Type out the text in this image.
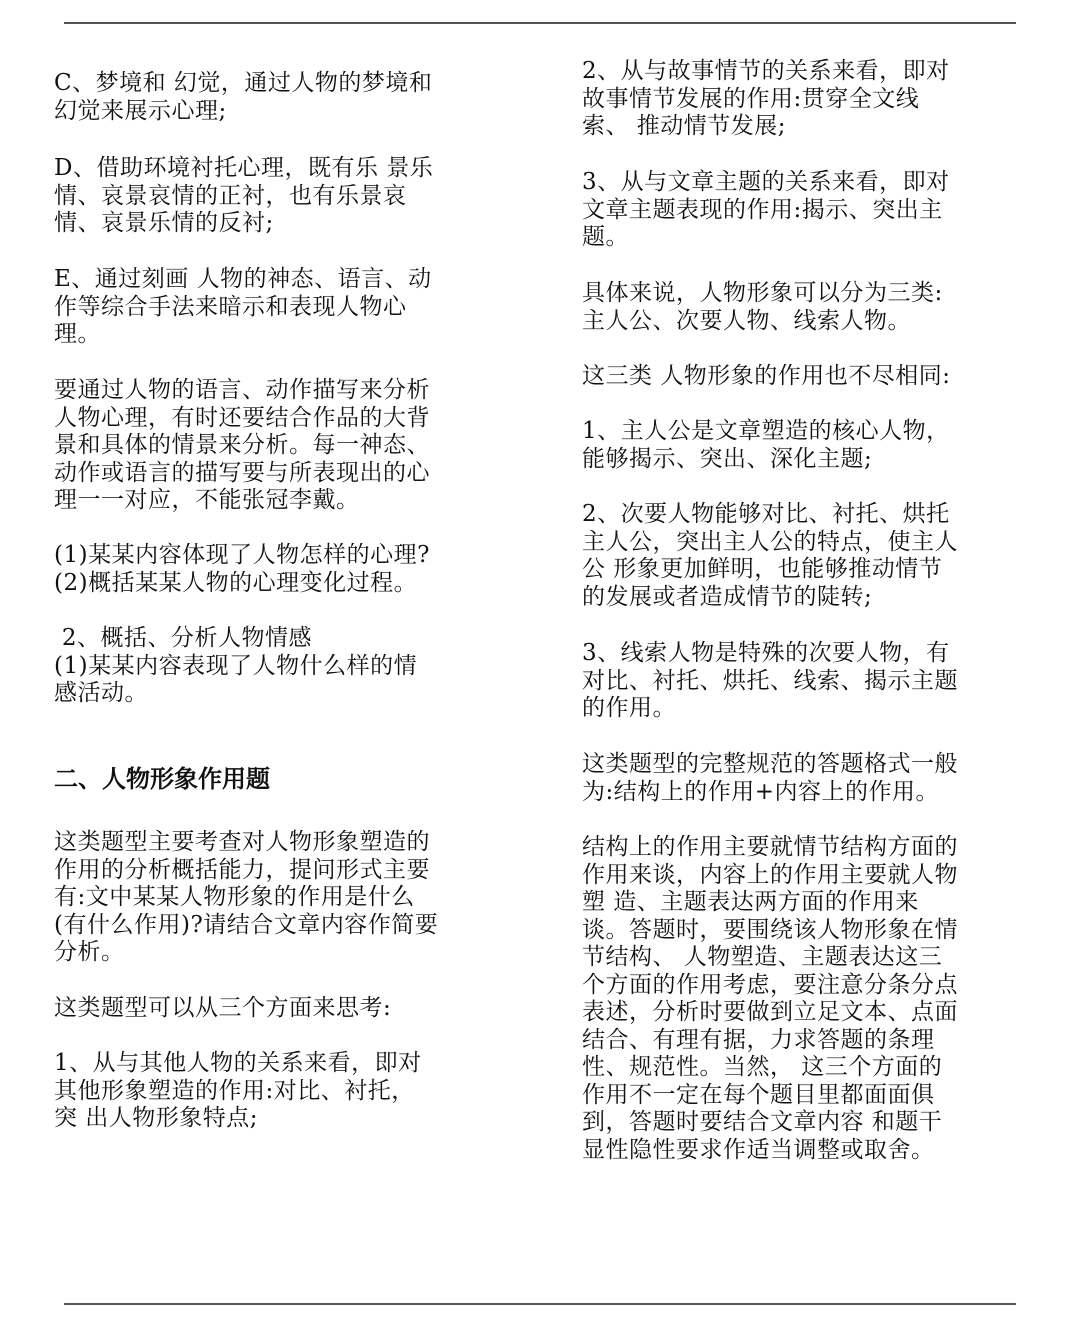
C、梦境和 幻觉，通过人物的梦境和
幻觉来展示心理;

D、借助环境衬托心理，既有乐 景乐
情、哀景哀情的正衬，也有乐景哀
情、哀景乐情的反衬;

E、通过刻画 人物的神态、语言、动
作等综合手法来暗示和表现人物心
理。

要通过人物的语言、动作描写来分析
人物心理，有时还要结合作品的大背
景和具体的情景来分析。每一神态、
动作或语言的描写要与所表现出的心
理一一对应，不能张冠李戴。

(1)某某内容体现了人物怎样的心理?
(2)概括某某人物的心理变化过程。

2、概括、分析人物情感
(1)某某内容表现了人物什么样的情
感活动。

二、人物形象作用题

这类题型主要考查对人物形象塑造的
作用的分析概括能力，提问形式主要
有:文中某某人物形象的作用是什么
(有什么作用)?请结合文章内容作简要
分析。

这类题型可以从三个方面来思考:

1、从与其他人物的关系来看，即对
其他形象塑造的作用:对比、衬托，
突 出人物形象特点;

2、从与故事情节的关系来看，即对
故事情节发展的作用:贯穿全文线
索、 推动情节发展;

3、从与文章主题的关系来看，即对
文章主题表现的作用:揭示、突出主
题。

具体来说，人物形象可以分为三类:
主人公、次要人物、线索人物。

这三类 人物形象的作用也不尽相同:

1、主人公是文章塑造的核心人物，
能够揭示、突出、深化主题;

2、次要人物能够对比、衬托、烘托
主人公，突出主人公的特点，使主人
公 形象更加鲜明，也能够推动情节
的发展或者造成情节的陡转;

3、线索人物是特殊的次要人物，有
对比、衬托、烘托、线索、揭示主题
的作用。

这类题型的完整规范的答题格式一般
为:结构上的作用+内容上的作用。

结构上的作用主要就情节结构方面的
作用来谈，内容上的作用主要就人物
塑 造、主题表达两方面的作用来
谈。答题时，要围绕该人物形象在情
节结构、 人物塑造、主题表达这三
个方面的作用考虑，要注意分条分点
表述，分析时要做到立足文本、点面
结合、有理有据，力求答题的条理
性、规范性。当然， 这三个方面的
作用不一定在每个题目里都面面俱
到，答题时要结合文章内容 和题干
显性隐性要求作适当调整或取舍。
